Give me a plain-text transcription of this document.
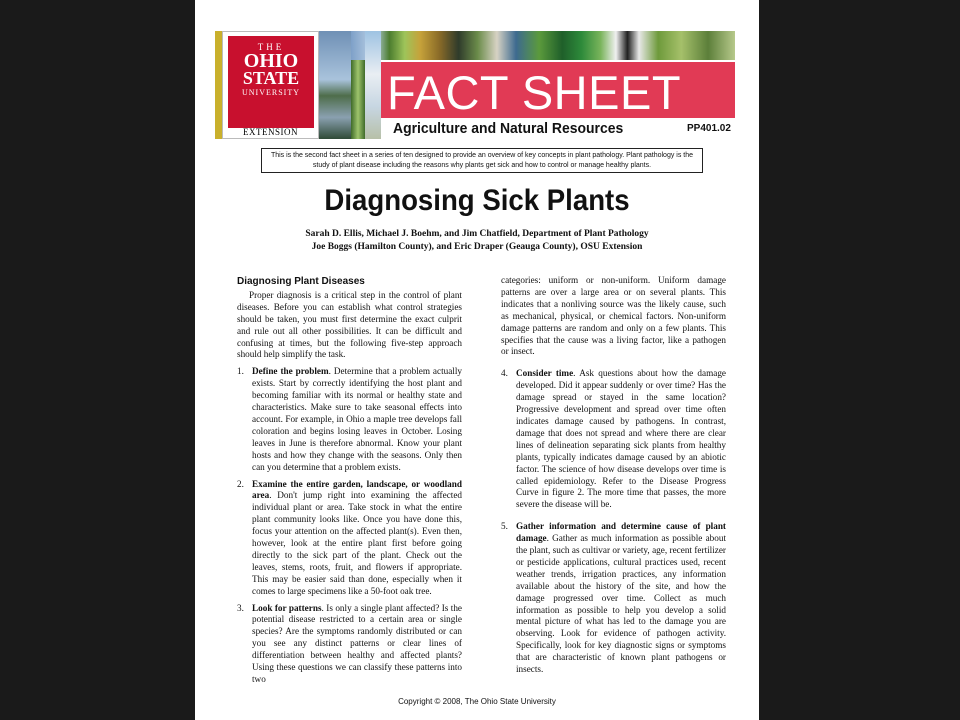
THE
OHIO
STATE
UNIVERSITY
EXTENSION
FACT SHEET
Agriculture and Natural Resources	PP401.02
This is the second fact sheet in a series of ten designed to provide an overview of key concepts in plant pathology. Plant pathology is the study of plant disease including the reasons why plants get sick and how to control or manage healthy plants.
Diagnosing Sick Plants
Sarah D. Ellis, Michael J. Boehm, and Jim Chatfield, Department of Plant Pathology
Joe Boggs (Hamilton County), and Eric Draper (Geauga County), OSU Extension
Diagnosing Plant Diseases

Proper diagnosis is a critical step in the control of plant diseases. Before you can establish what control strategies should be taken, you must first determine the exact culprit and rule out all other possibilities. It can be difficult and confusing at times, but the following five-step approach should help simplify the task.

1. Define the problem. Determine that a problem actually exists. Start by correctly identifying the host plant and becoming familiar with its normal or healthy state and characteristics. Make sure to take seasonal effects into account. For example, in Ohio a maple tree develops fall coloration and begins losing leaves in October. Losing leaves in June is therefore abnormal. Know your plant hosts and how they change with the seasons. Only then can you determine that a problem exists.
2. Examine the entire garden, landscape, or woodland area. Don't jump right into examining the affected individual plant or area. Take stock in what the entire plant community looks like. Once you have done this, focus your attention on the affected plant(s). Even then, however, look at the entire plant first before going directly to the sick part of the plant. Check out the leaves, stems, roots, fruit, and flowers if appropriate. This may be easier said than done, especially when it comes to large specimens like a 50-foot oak tree.
3. Look for patterns. Is only a single plant affected? Is the potential disease restricted to a certain area or single species? Are the symptoms randomly distributed or can you see any distinct patterns or clear lines of differentiation between healthy and affected plants? Using these questions we can classify these patterns into two

categories: uniform or non-uniform. Uniform damage patterns are over a large area or on several plants. This indicates that a nonliving source was the likely cause, such as mechanical, physical, or chemical factors. Non-uniform damage patterns are random and only on a few plants. This specifies that the cause was a living factor, like a pathogen or insect.

4. Consider time. Ask questions about how the damage developed. Did it appear suddenly or over time? Has the damage spread or stayed in the same location? Progressive development and spread over time often indicates damage caused by pathogens. In contrast, damage that does not spread and where there are clear lines of delineation separating sick plants from healthy plants, typically indicates damage caused by an abiotic factor. The science of how disease develops over time is called epidemiology. Refer to the Disease Progress Curve in figure 2. The more time that passes, the more severe the disease will be.
5. Gather information and determine cause of plant damage. Gather as much information as possible about the plant, such as cultivar or variety, age, recent fertilizer or pesticide applications, cultural practices used, recent weather trends, irrigation practices, any information available about the history of the site, and how the damage progressed over time. Collect as much information as possible to help you develop a solid mental picture of what has led to the damage you are observing. Look for evidence of pathogen activity. Specifically, look for key diagnostic signs or symptoms that are characteristic of known plant pathogens or insects.
Copyright © 2008, The Ohio State University
